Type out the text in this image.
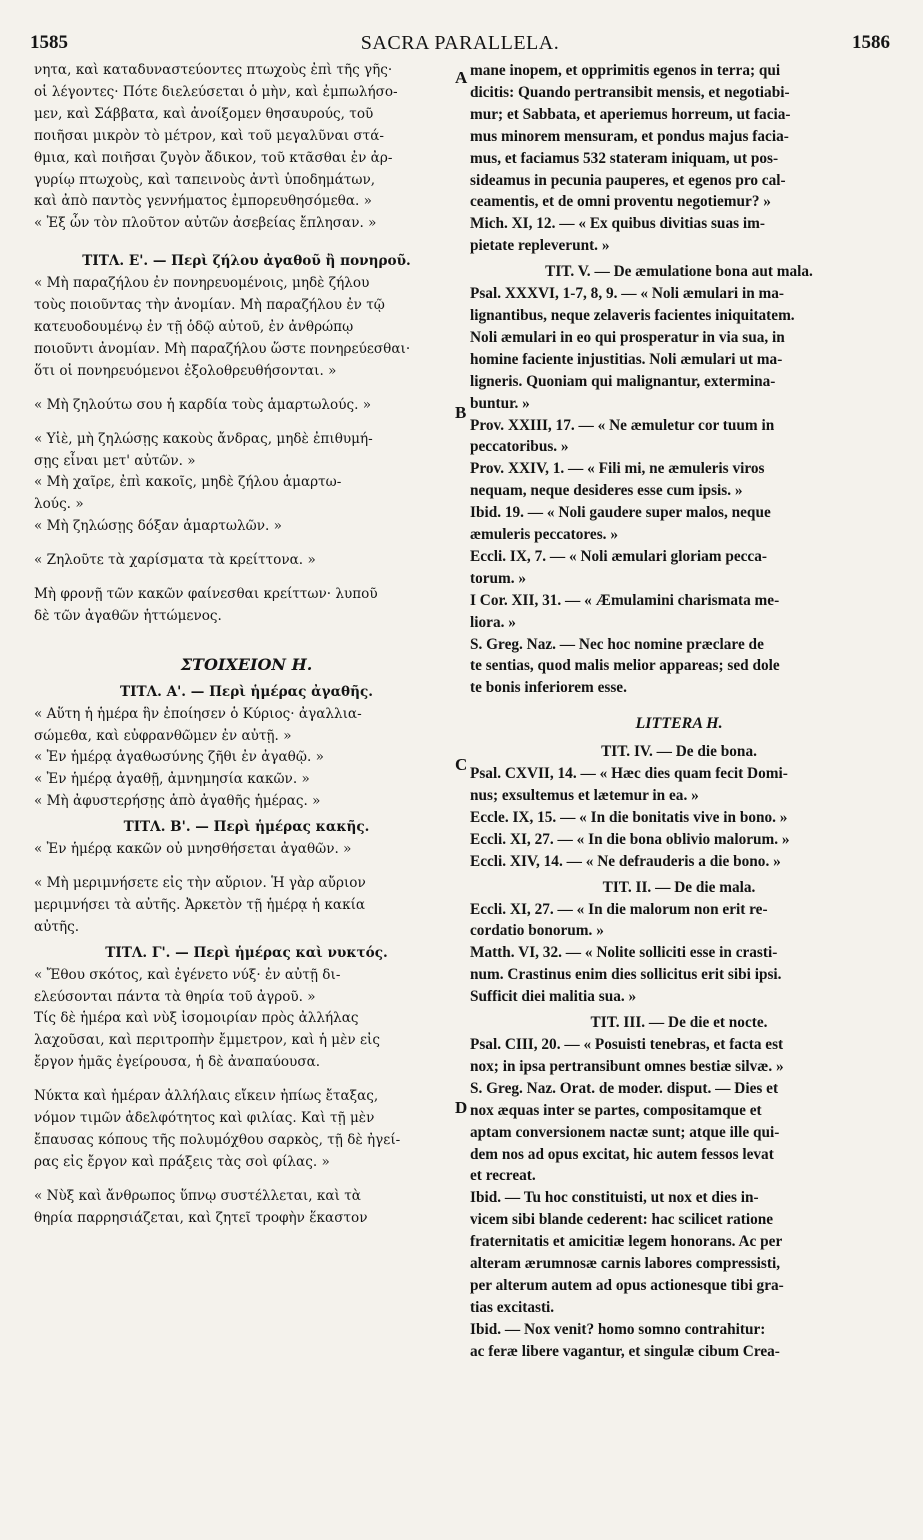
1585	SACRA PARALLELA.	1586
A
B
C
D

νητα, καὶ καταδυναστεύοντες πτωχοὺς ἐπὶ τῆς γῆς·

οἱ λέγοντες· Πότε διελεύσεται ὁ μὴν, καὶ ἐμπωλήσο-

μεν, καὶ Σάββατα, καὶ ἀνοίξομεν θησαυρούς, τοῦ

ποιῆσαι μικρὸν τὸ μέτρον, καὶ τοῦ μεγαλῦναι στά-

θμια, καὶ ποιῆσαι ζυγὸν ἄδικον, τοῦ κτᾶσθαι ἐν ἀρ-

γυρίῳ πτωχοὺς, καὶ ταπεινοὺς ἀντὶ ὑποδημάτων,

καὶ ἀπὸ παντὸς γεννήματος ἐμπορευθησόμεθα. »

« Ἐξ ὧν τὸν πλοῦτον αὐτῶν ἀσεβείας ἔπλησαν. »

ΤΙΤΛ. Ε'. — Περὶ ζήλου ἀγαθοῦ ἢ πονηροῦ.

« Μὴ παραζήλου ἐν πονηρευομένοις, μηδὲ ζήλου

τοὺς ποιοῦντας τὴν ἀνομίαν. Μὴ παραζήλου ἐν τῷ

κατευοδουμένῳ ἐν τῇ ὁδῷ αὐτοῦ, ἐν ἀνθρώπῳ

ποιοῦντι ἀνομίαν. Μὴ παραζήλου ὥστε πονηρεύεσθαι·

ὅτι οἱ πονηρευόμενοι ἐξολοθρευθήσονται. »

« Μὴ ζηλούτω σου ἡ καρδία τοὺς ἁμαρτωλούς. »

« Υἱὲ, μὴ ζηλώσῃς κακοὺς ἄνδρας, μηδὲ ἐπιθυμή-

σῃς εἶναι μετ' αὐτῶν. »

« Μὴ χαῖρε, ἐπὶ κακοῖς, μηδὲ ζήλου ἁμαρτω-

λούς. »

« Μὴ ζηλώσῃς δόξαν ἁμαρτωλῶν. »

« Ζηλοῦτε τὰ χαρίσματα τὰ κρείττονα. »

Μὴ φρονῇ τῶν κακῶν φαίνεσθαι κρείττων· λυποῦ

δὲ τῶν ἀγαθῶν ἡττώμενος.

ΣΤΟΙΧΕΙΟΝ Η.

ΤΙΤΛ. Α'. — Περὶ ἡμέρας ἀγαθῆς.

« Αὕτη ἡ ἡμέρα ἣν ἐποίησεν ὁ Κύριος· ἀγαλλια-

σώμεθα, καὶ εὐφρανθῶμεν ἐν αὐτῇ. »

« Ἐν ἡμέρᾳ ἀγαθωσύνης ζῆθι ἐν ἀγαθῷ. »

« Ἐν ἡμέρᾳ ἀγαθῇ, ἀμνημησία κακῶν. »

« Μὴ ἀφυστερήσῃς ἀπὸ ἀγαθῆς ἡμέρας. »

ΤΙΤΛ. Β'. — Περὶ ἡμέρας κακῆς.

« Ἐν ἡμέρᾳ κακῶν οὐ μνησθήσεται ἀγαθῶν. »

« Μὴ μεριμνήσετε εἰς τὴν αὔριον. Ἡ γὰρ αὔριον

μεριμνήσει τὰ αὐτῆς. Ἀρκετὸν τῇ ἡμέρᾳ ἡ κακία

αὐτῆς.

ΤΙΤΛ. Γ'. — Περὶ ἡμέρας καὶ νυκτός.

« Ἔθου σκότος, καὶ ἐγένετο νύξ· ἐν αὐτῇ δι-

ελεύσονται πάντα τὰ θηρία τοῦ ἀγροῦ. »

Τίς δὲ ἡμέρα καὶ νὺξ ἰσομοιρίαν πρὸς ἀλλήλας

λαχοῦσαι, καὶ περιτροπὴν ἔμμετρον, καὶ ἡ μὲν εἰς

ἔργον ἡμᾶς ἐγείρουσα, ἡ δὲ ἀναπαύουσα.

Νύκτα καὶ ἡμέραν ἀλλήλαις εἴκειν ἠπίως ἔταξας,

νόμον τιμῶν ἀδελφότητος καὶ φιλίας. Καὶ τῇ μὲν

ἔπαυσας κόπους τῆς πολυμόχθου σαρκὸς, τῇ δὲ ἠγεί-

ρας εἰς ἔργον καὶ πράξεις τὰς σοὶ φίλας. »

« Νὺξ καὶ ἄνθρωπος ὕπνῳ συστέλλεται, καὶ τὰ

θηρία παρρησιάζεται, καὶ ζητεῖ τροφὴν ἕκαστον

mane inopem, et opprimitis egenos in terra; qui

dicitis: Quando pertransibit mensis, et negotiabi-

mur; et Sabbata, et aperiemus horreum, ut facia-

mus minorem mensuram, et pondus majus facia-

mus, et faciamus 532 stateram iniquam, ut pos-

sideamus in pecunia pauperes, et egenos pro cal-

ceamentis, et de omni proventu negotiemur? »

Mich. XI, 12. — « Ex quibus divitias suas im-

pietate repleverunt. »

TIT. V. — De æmulatione bona aut mala.

Psal. XXXVI, 1-7, 8, 9. — « Noli æmulari in ma-

lignantibus, neque zelaveris facientes iniquitatem.

Noli æmulari in eo qui prosperatur in via sua, in

homine faciente injustitias. Noli æmulari ut ma-

ligneris. Quoniam qui malignantur, extermina-

buntur. »

Prov. XXIII, 17. — « Ne æmuletur cor tuum in

peccatoribus. »

Prov. XXIV, 1. — « Fili mi, ne æmuleris viros

nequam, neque desideres esse cum ipsis. »

Ibid. 19. — « Noli gaudere super malos, neque

æmuleris peccatores. »

Eccli. IX, 7. — « Noli æmulari gloriam pecca-

torum. »

I Cor. XII, 31. — « Æmulamini charismata me-

liora. »

S. Greg. Naz. — Nec hoc nomine præclare de

te sentias, quod malis melior appareas; sed dole

te bonis inferiorem esse.

LITTERA H.

TIT. IV. — De die bona.

Psal. CXVII, 14. — « Hæc dies quam fecit Domi-

nus; exsultemus et lætemur in ea. »

Eccle. IX, 15. — « In die bonitatis vive in bono. »

Eccli. XI, 27. — « In die bona oblivio malorum. »

Eccli. XIV, 14. — « Ne defrauderis a die bono. »

TIT. II. — De die mala.

Eccli. XI, 27. — « In die malorum non erit re-

cordatio bonorum. »

Matth. VI, 32. — « Nolite solliciti esse in crasti-

num. Crastinus enim dies sollicitus erit sibi ipsi.

Sufficit diei malitia sua. »

TIT. III. — De die et nocte.

Psal. CIII, 20. — « Posuisti tenebras, et facta est

nox; in ipsa pertransibunt omnes bestiæ silvæ. »

S. Greg. Naz. Orat. de moder. disput. — Dies et

nox æquas inter se partes, compositamque et

aptam conversionem nactæ sunt; atque ille qui-

dem nos ad opus excitat, hic autem fessos levat

et recreat.

Ibid. — Tu hoc constituisti, ut nox et dies in-

vicem sibi blande cederent: hac scilicet ratione

fraternitatis et amicitiæ legem honorans. Ac per

alteram ærumnosæ carnis labores compressisti,

per alterum autem ad opus actionesque tibi gra-

tias excitasti.

Ibid. — Nox venit? homo somno contrahitur:

ac feræ libere vagantur, et singulæ cibum Crea-
